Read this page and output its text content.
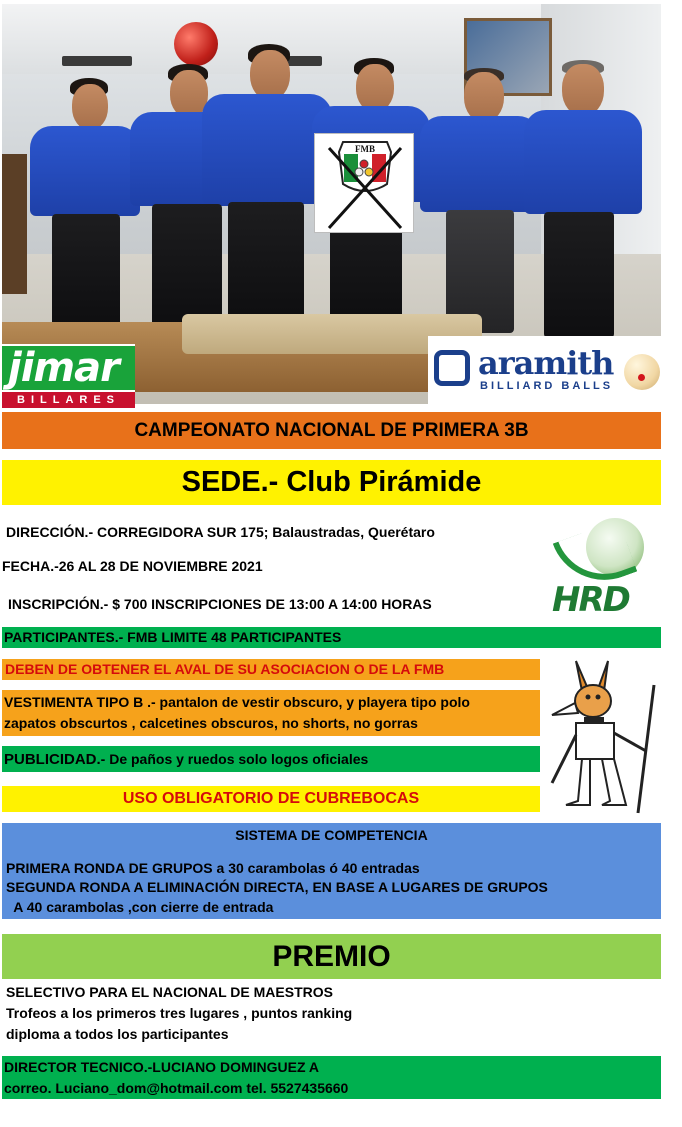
FMB
jimar
BILLARES
aramith
BILLIARD BALLS
CAMPEONATO NACIONAL DE PRIMERA 3B
SEDE.- Club Pirámide
DIRECCIÓN.- CORREGIDORA SUR 175; Balaustradas, Querétaro
FECHA.-26 AL 28 DE NOVIEMBRE 2021
INSCRIPCIÓN.- $ 700 INSCRIPCIONES DE 13:00 A 14:00 HORAS	HRD
PARTICIPANTES.- FMB LIMITE 48 PARTICIPANTES
DEBEN DE OBTENER EL AVAL DE SU ASOCIACION O DE LA FMB
VESTIMENTA TIPO B .- pantalon de vestir obscuro, y playera tipo polo
zapatos obscurtos , calcetines obscuros, no shorts, no gorras
PUBLICIDAD.- De paños y ruedos solo logos oficiales
USO OBLIGATORIO DE CUBREBOCAS
SISTEMA DE COMPETENCIA
PRIMERA RONDA DE GRUPOS a 30 carambolas ó 40 entradas
SEGUNDA RONDA A ELIMINACIÓN DIRECTA, EN BASE A LUGARES DE GRUPOS
A 40 carambolas ,con cierre de entrada
PREMIO
SELECTIVO PARA EL NACIONAL DE MAESTROS
Trofeos a los primeros tres lugares , puntos ranking
diploma a todos los participantes
DIRECTOR TECNICO.-LUCIANO DOMINGUEZ A
correo. Luciano_dom@hotmail.com tel. 5527435660
